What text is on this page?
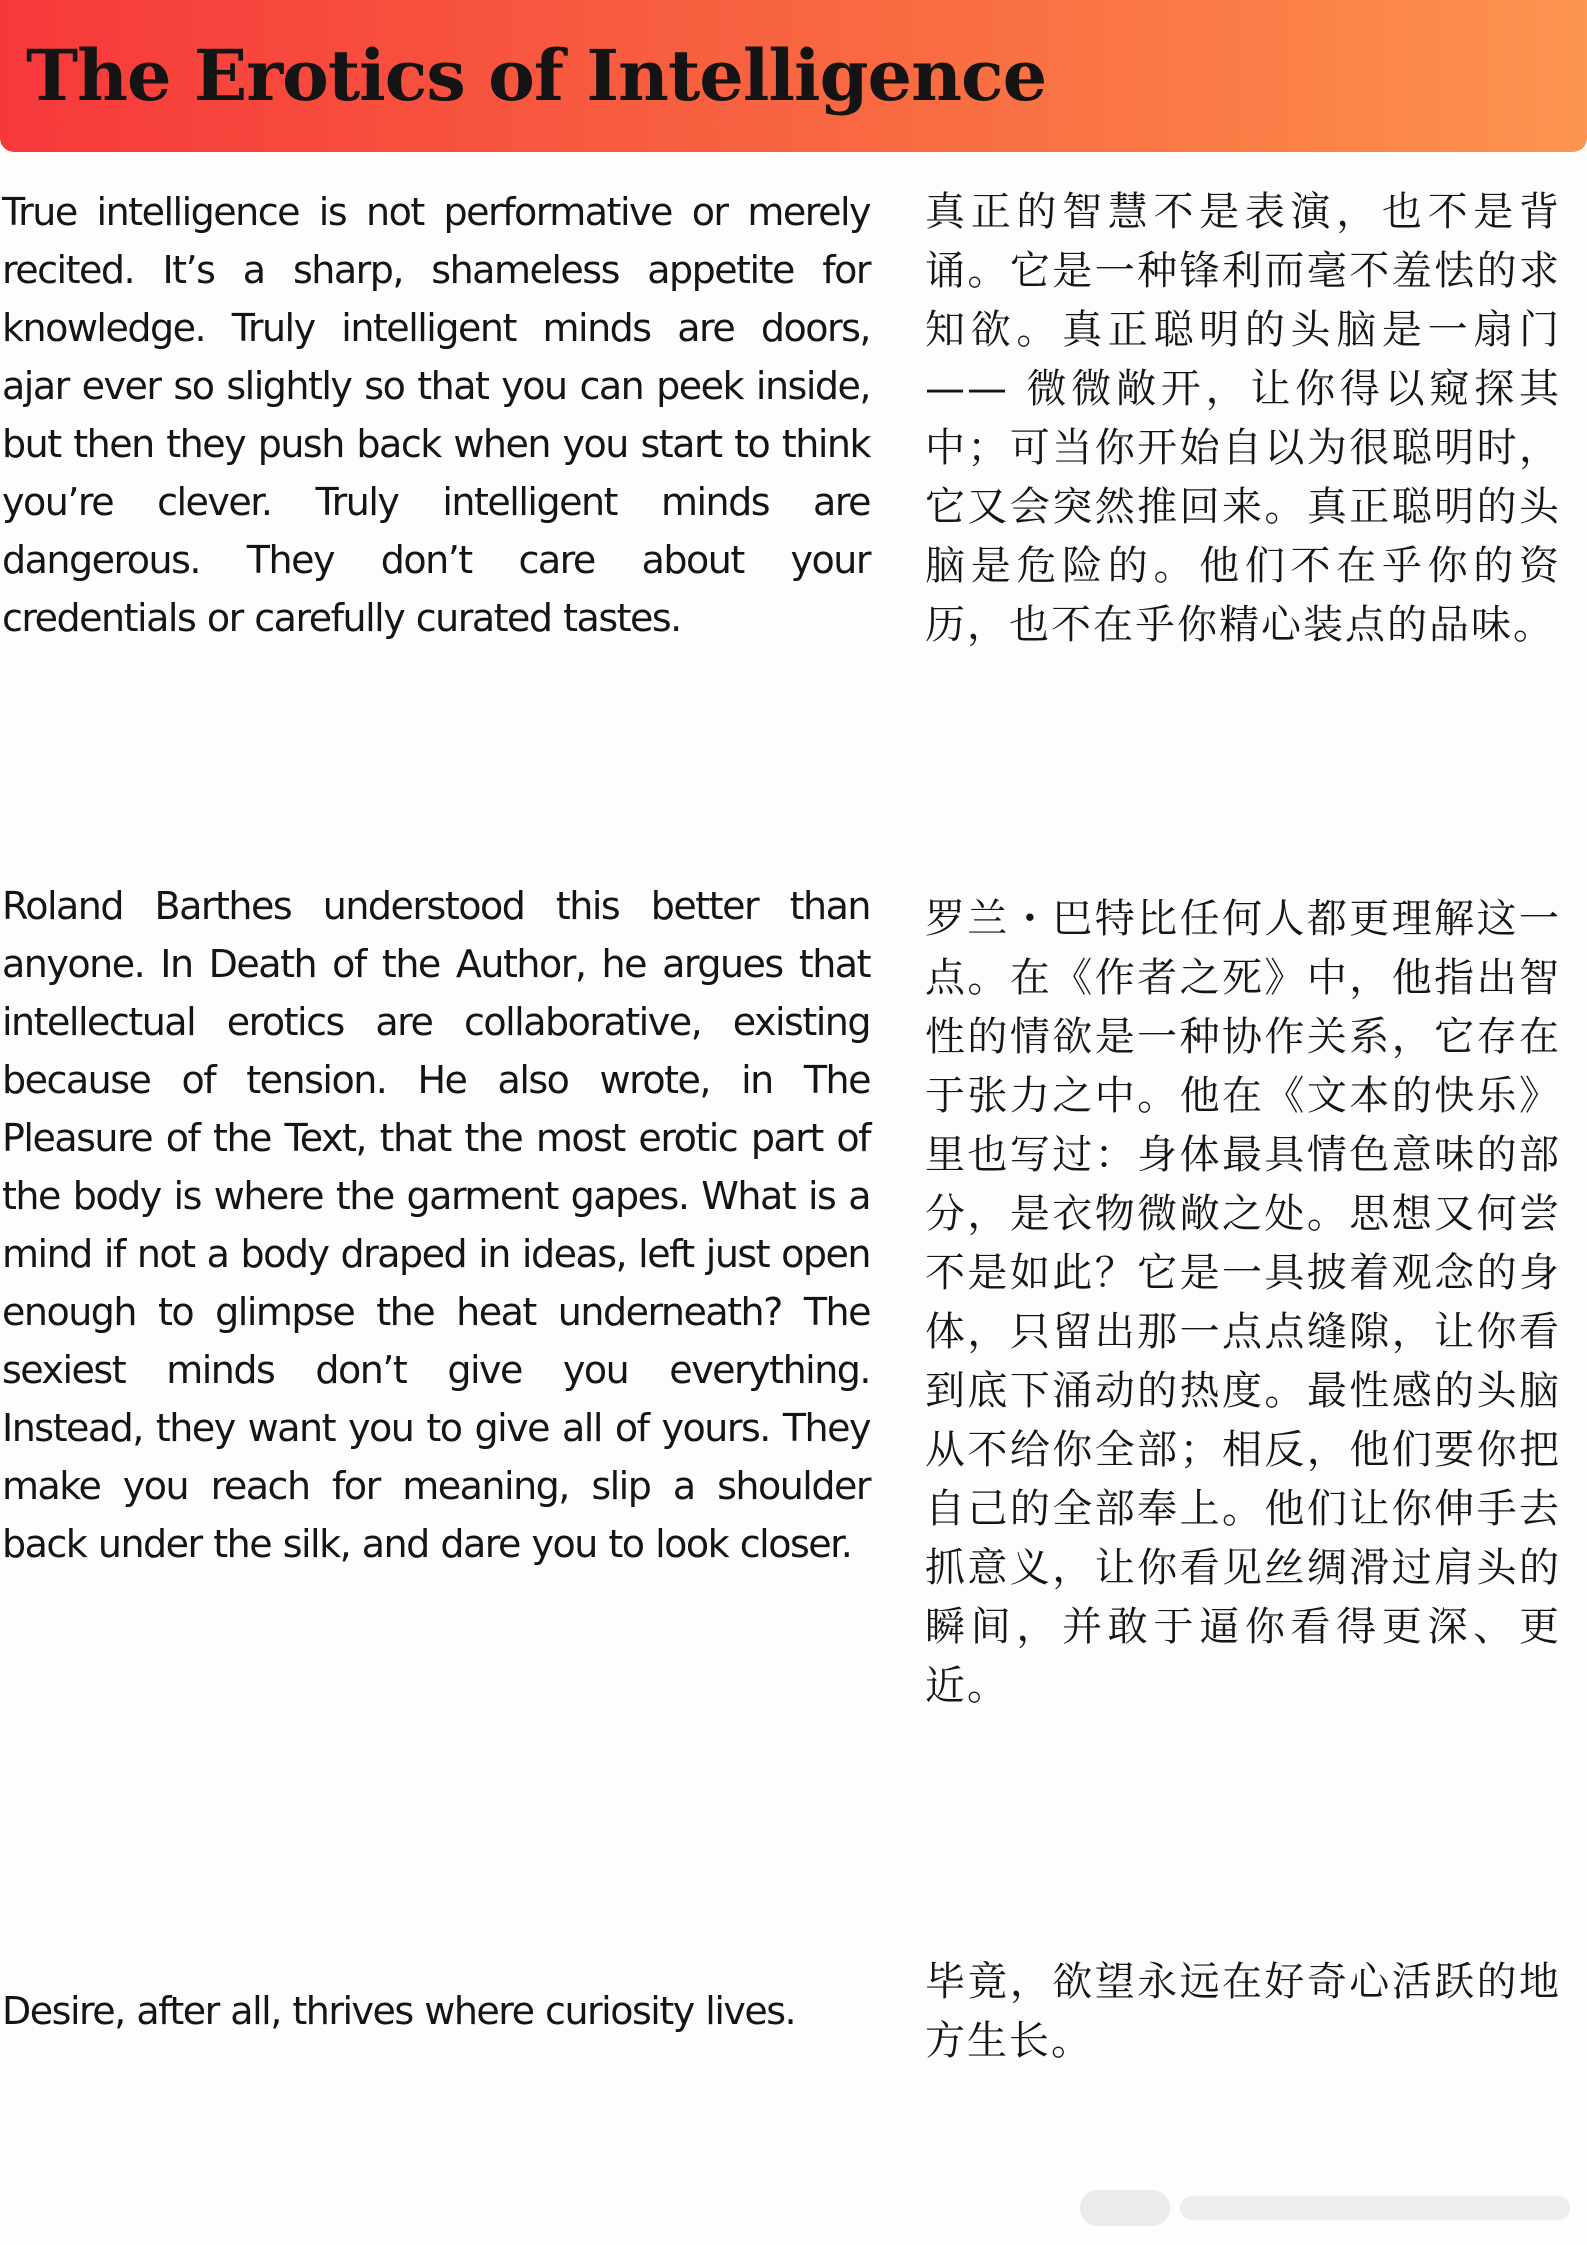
The Erotics of Intelligence

True intelligence is not performative or merely recited. It’s a sharp, shameless appetite for knowledge. Truly intelligent minds are doors, ajar ever so slightly so that you can peek inside, but then they push back when you start to think you’re clever. Truly intelligent minds are dangerous. They don’t care about your credentials or carefully curated tastes.

真正的智慧不是表演，也不是背诵。它是一种锋利而毫不羞怯的求知欲。真正聪明的头脑是一扇门 —— 微微敞开，让你得以窥探其中；可当你开始自以为很聪明时，它又会突然推回来。真正聪明的头脑是危险的。他们不在乎你的资历，也不在乎你精心装点的品味。

Roland Barthes understood this better than anyone. In Death of the Author, he argues that intellectual erotics are collaborative, existing because of tension. He also wrote, in The Pleasure of the Text, that the most erotic part of the body is where the garment gapes. What is a mind if not a body draped in ideas, left just open enough to glimpse the heat underneath? The sexiest minds don’t give you everything. Instead, they want you to give all of yours. They make you reach for meaning, slip a shoulder back under the silk, and dare you to look closer.

罗兰・巴特比任何人都更理解这一点。在《作者之死》中，他指出智性的情欲是一种协作关系，它存在于张力之中。他在《文本的快乐》里也写过：身体最具情色意味的部分，是衣物微敞之处。思想又何尝不是如此？它是一具披着观念的身体，只留出那一点点缝隙，让你看到底下涌动的热度。最性感的头脑从不给你全部；相反，他们要你把自己的全部奉上。他们让你伸手去抓意义，让你看见丝绸滑过肩头的瞬间，并敢于逼你看得更深、更近。

Desire, after all, thrives where curiosity lives.

毕竟，欲望永远在好奇心活跃的地方生长。
